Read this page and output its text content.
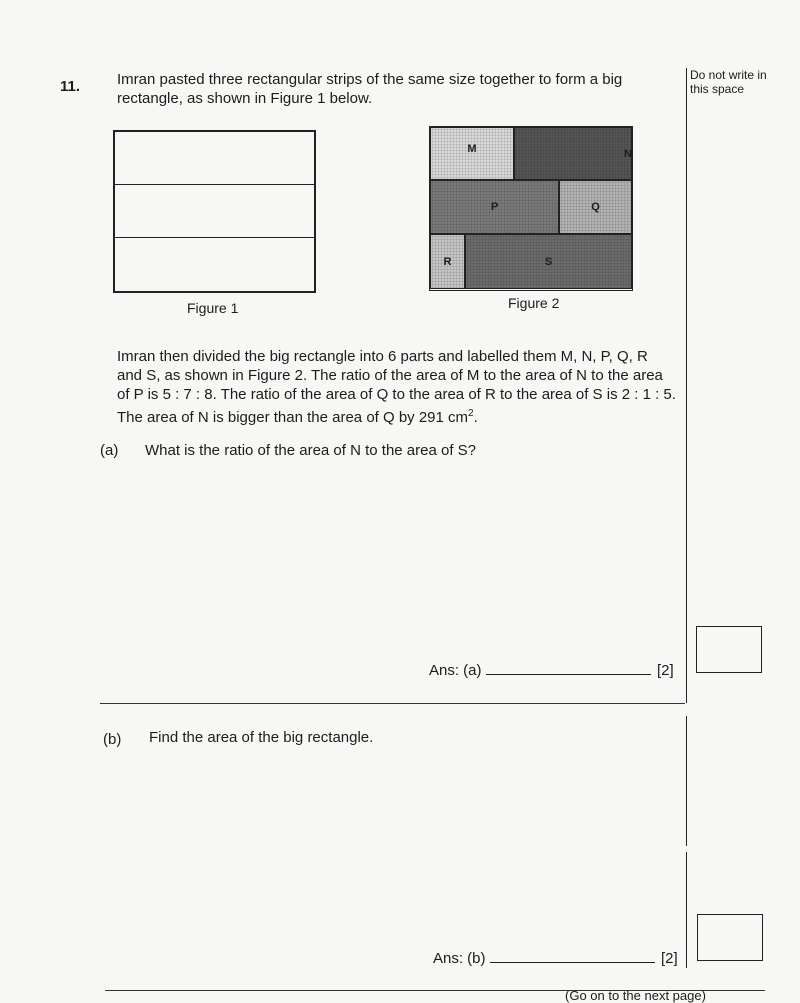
11. Imran pasted three rectangular strips of the same size together to form a big rectangle, as shown in Figure 1 below.
Do not write in this space
Figure 1
M	N
P	Q
R	S
Figure 2
Imran then divided the big rectangle into 6 parts and labelled them M, N, P, Q, R and S, as shown in Figure 2. The ratio of the area of M to the area of N to the area of P is 5 : 7 : 8. The ratio of the area of Q to the area of R to the area of S is 2 : 1 : 5. The area of N is bigger than the area of Q by 291 $cm^2$.
(a) What is the ratio of the area of N to the area of S?
Ans: (a)	[2]
(b) Find the area of the big rectangle.
Ans: (b)	[2]
(Go on to the next page)
